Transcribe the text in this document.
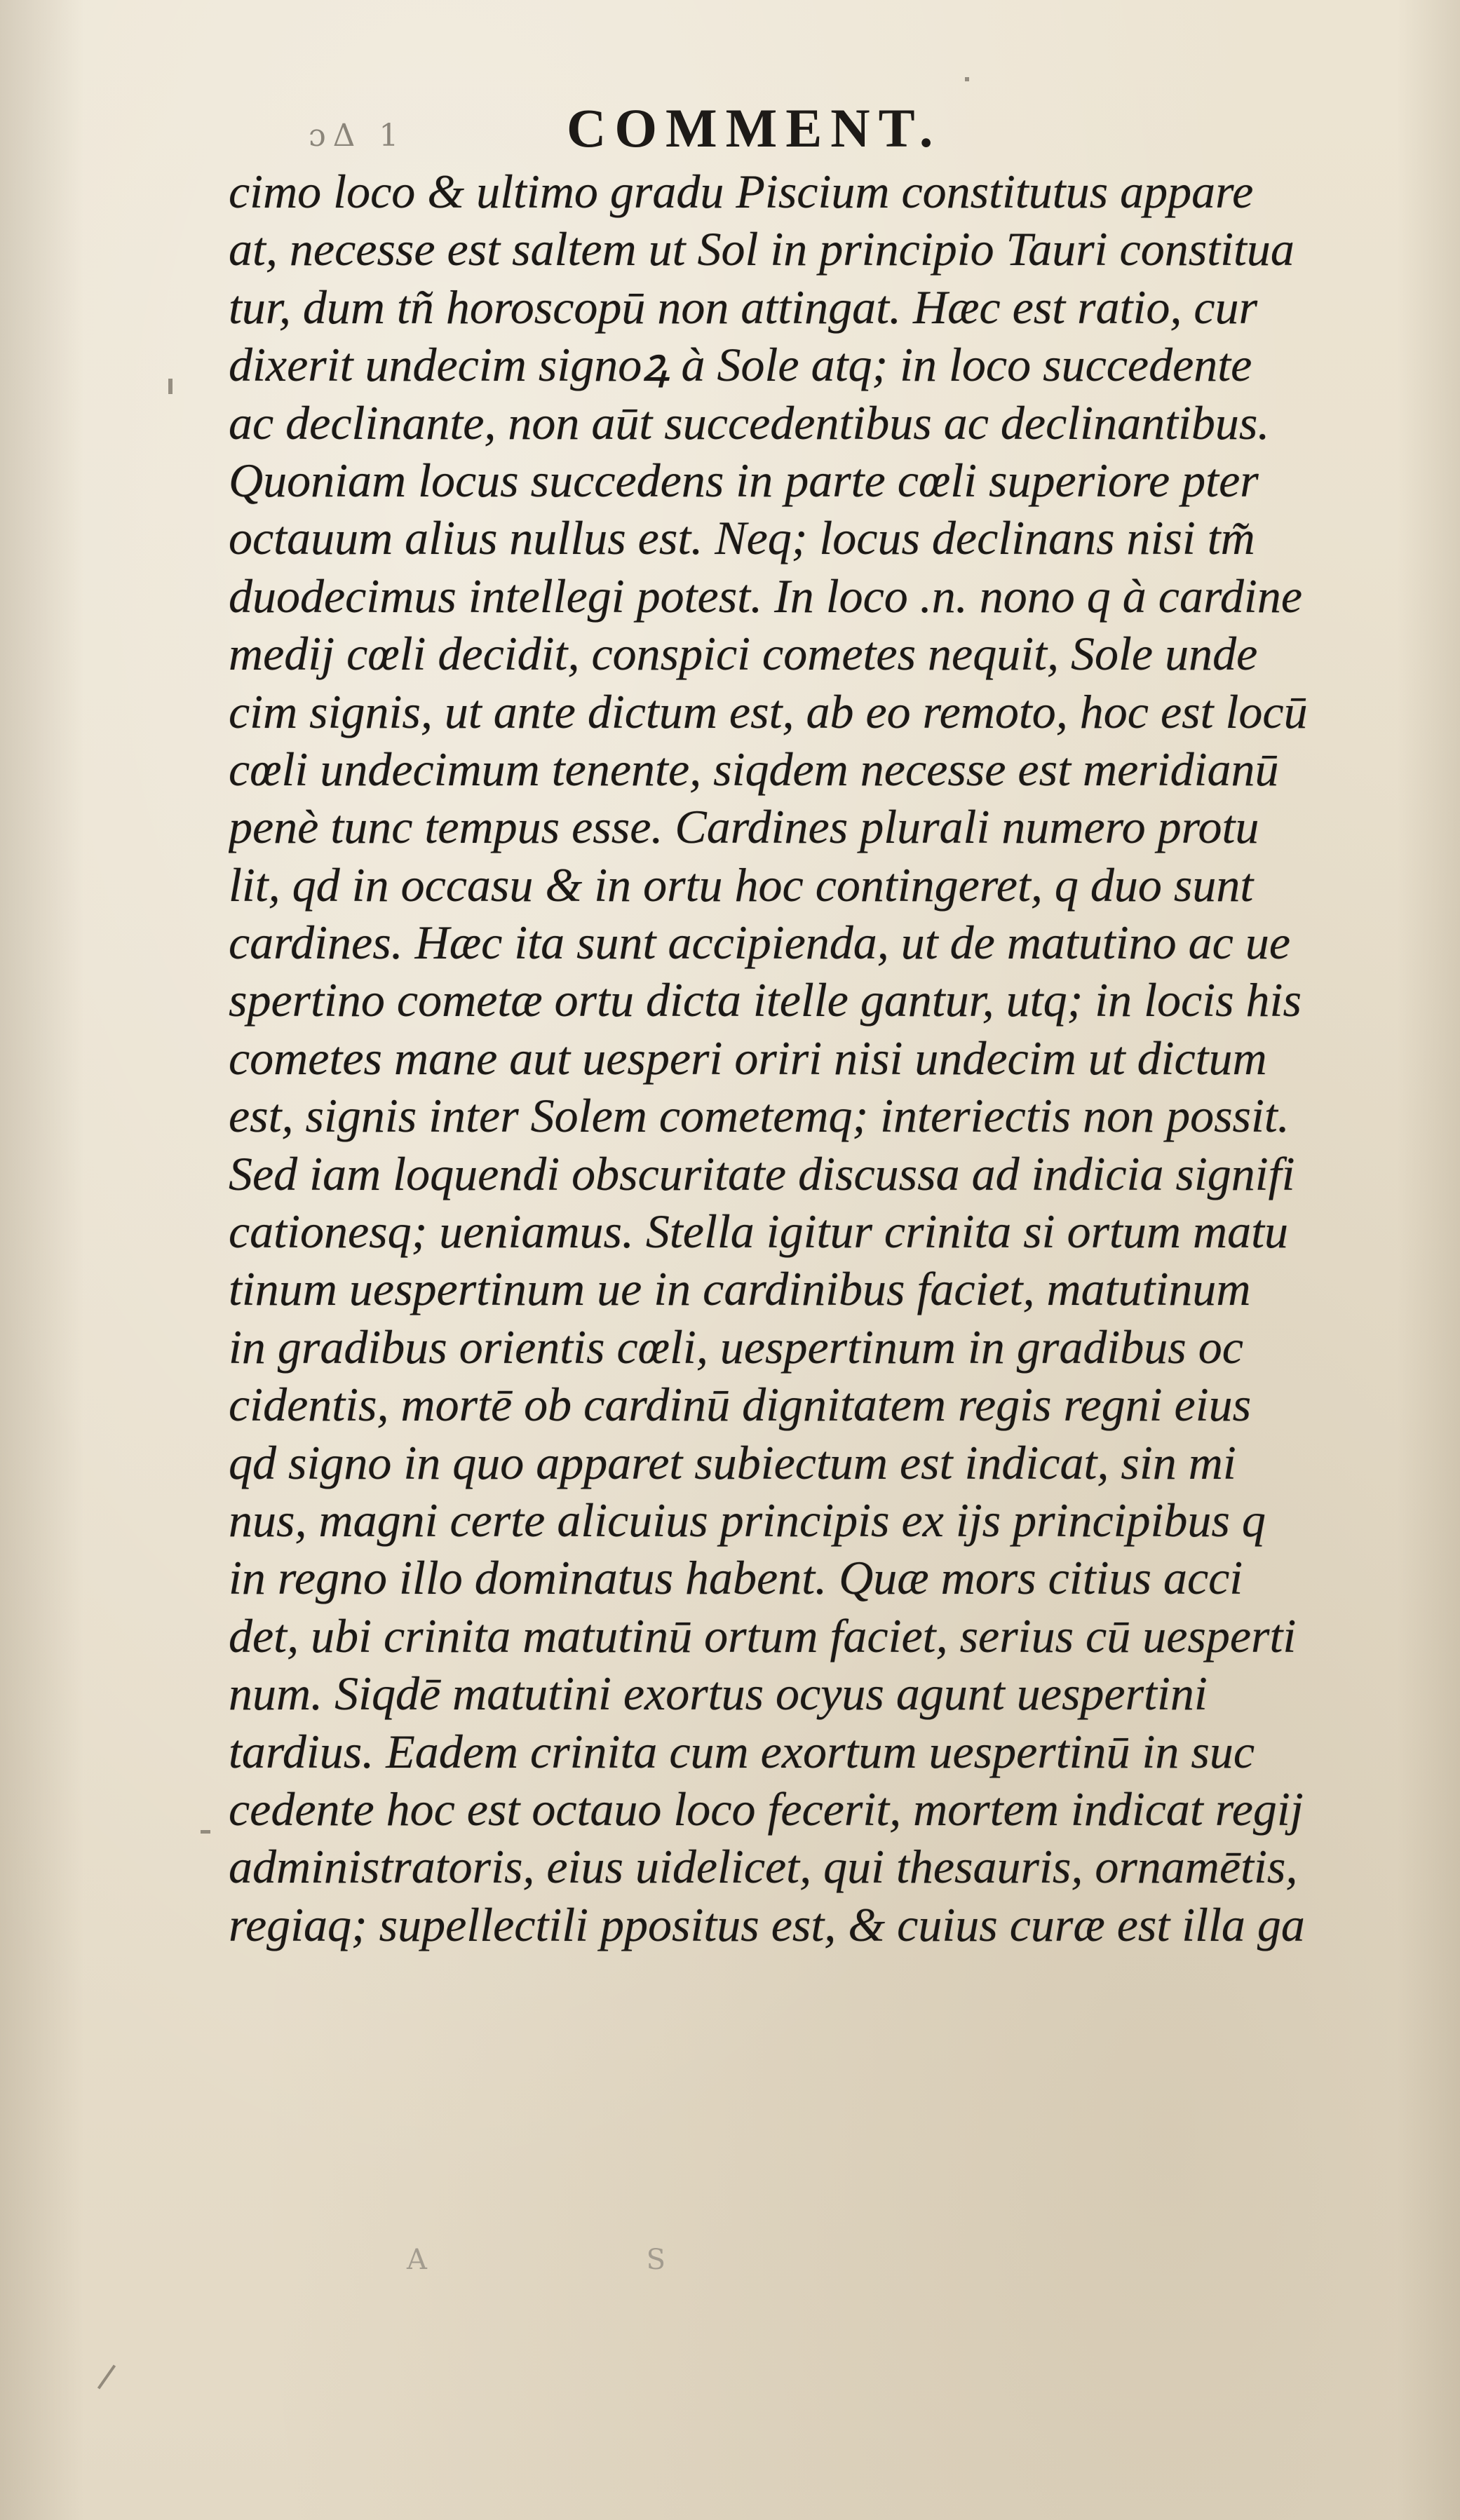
ɔΔ 1	COMMENT.
cimo loco & ultimo gradu Piscium constitutus appare
at, necesse est saltem ut Sol in principio Tauri constitua
tur, dum tñ horoscopū non attingat. Hæc est ratio, cur
dixerit undecim signoꝝ à Sole atq; in loco succedente
ac declinante, non aūt succedentibus ac declinantibus.
Quoniam locus succedens in parte cœli superiore pter
octauum alius nullus est. Neq; locus declinans nisi tm̃
duodecimus intellegi potest. In loco .n. nono q à cardine
medij cœli decidit, conspici cometes nequit, Sole unde
cim signis, ut ante dictum est, ab eo remoto, hoc est locū
cœli undecimum tenente, siqdem necesse est meridianū
penè tunc tempus esse. Cardines plurali numero protu
lit, qd in occasu & in ortu hoc contingeret, q duo sunt
cardines. Hæc ita sunt accipienda, ut de matutino ac ue
spertino cometæ ortu dicta itelle gantur, utq; in locis his
cometes mane aut uesperi oriri nisi undecim ut dictum
est, signis inter Solem cometemq; interiectis non possit.
Sed iam loquendi obscuritate discussa ad indicia signifi
cationesq; ueniamus. Stella igitur crinita si ortum matu
tinum uespertinum ue in cardinibus faciet, matutinum
in gradibus orientis cœli, uespertinum in gradibus oc
cidentis, mortē ob cardinū dignitatem regis regni eius
qd signo in quo apparet subiectum est indicat, sin mi
nus, magni certe alicuius principis ex ijs principibus q
in regno illo dominatus habent. Quæ mors citius acci
det, ubi crinita matutinū ortum faciet, serius cū uesperti
num. Siqdē matutini exortus ocyus agunt uespertini
tardius. Eadem crinita cum exortum uespertinū in suc
cedente hoc est octauo loco fecerit, mortem indicat regij
administratoris, eius uidelicet, qui thesauris, ornamētis,
regiaq; supellectili ppositus est, & cuius curæ est illa ga
A S
